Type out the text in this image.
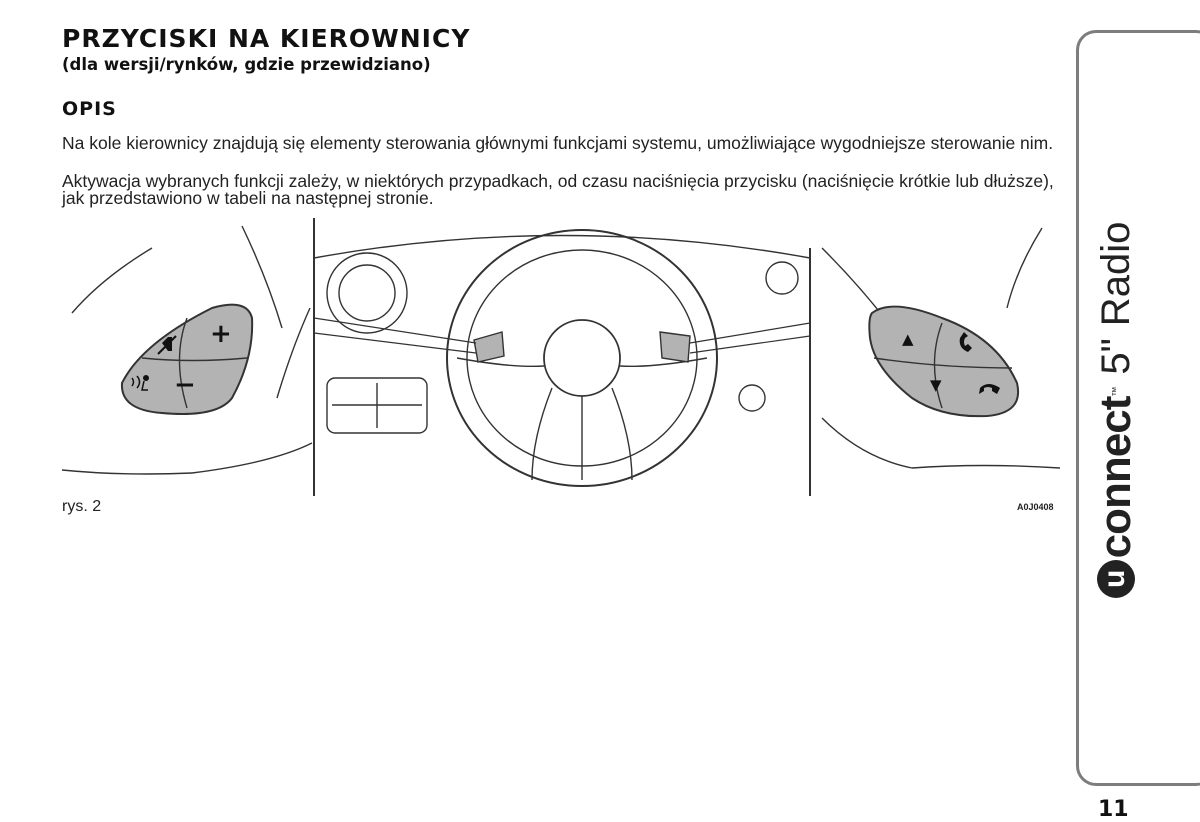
PRZYCISKI NA KIEROWNICY
(dla wersji/rynków, gdzie przewidziano)
OPIS

Na kole kierownicy znajdują się elementy sterowania głównymi funkcjami systemu, umożliwiające wygodniejsze sterowanie nim.

Aktywacja wybranych funkcji zależy, w niektórych przypadkach, od czasu naciśnięcia przycisku (naciśnięcie krótkie lub dłuższe), jak przedstawiono w tabeli na następnej stronie.

+
−
▲
▼
rys. 2	A0J0408
u
connect
™
5"
Radio
11
